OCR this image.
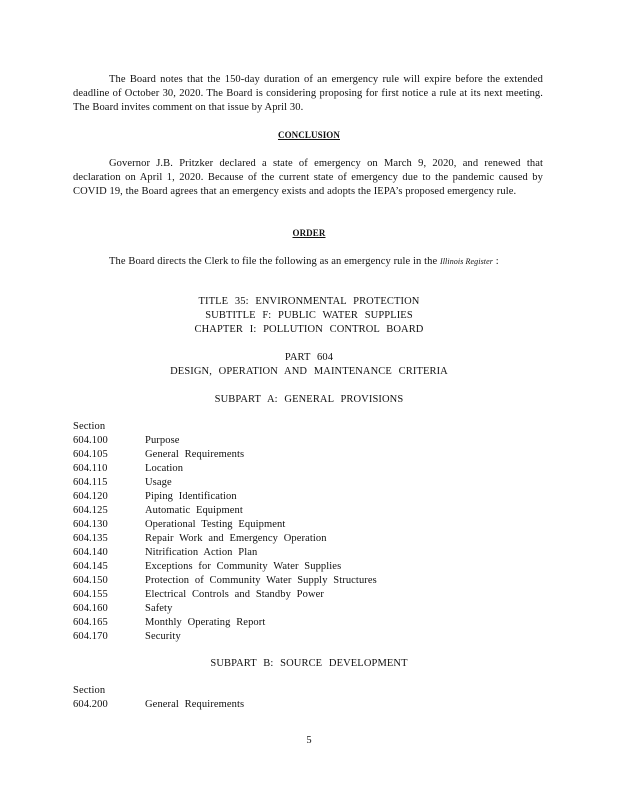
The Board notes that the 150-day duration of an emergency rule will expire before the extended deadline of October 30, 2020. The Board is considering proposing for first notice a rule at its next meeting. The Board invites comment on that issue by April 30.
CONCLUSION
Governor J.B. Pritzker declared a state of emergency on March 9, 2020, and renewed that declaration on April 1, 2020. Because of the current state of emergency due to the pandemic caused by COVID 19, the Board agrees that an emergency exists and adopts the IEPA’s proposed emergency rule.
ORDER
The Board directs the Clerk to file the following as an emergency rule in the Illinois Register :
TITLE 35: ENVIRONMENTAL PROTECTION
SUBTITLE F: PUBLIC WATER SUPPLIES
CHAPTER I: POLLUTION CONTROL BOARD
PART 604
DESIGN, OPERATION AND MAINTENANCE CRITERIA
SUBPART A: GENERAL PROVISIONS
Section
604.100	Purpose
604.105	General Requirements
604.110	Location
604.115	Usage
604.120	Piping Identification
604.125	Automatic Equipment
604.130	Operational Testing Equipment
604.135	Repair Work and Emergency Operation
604.140	Nitrification Action Plan
604.145	Exceptions for Community Water Supplies
604.150	Protection of Community Water Supply Structures
604.155	Electrical Controls and Standby Power
604.160	Safety
604.165	Monthly Operating Report
604.170	Security
SUBPART B: SOURCE DEVELOPMENT
Section
604.200	General Requirements
5
